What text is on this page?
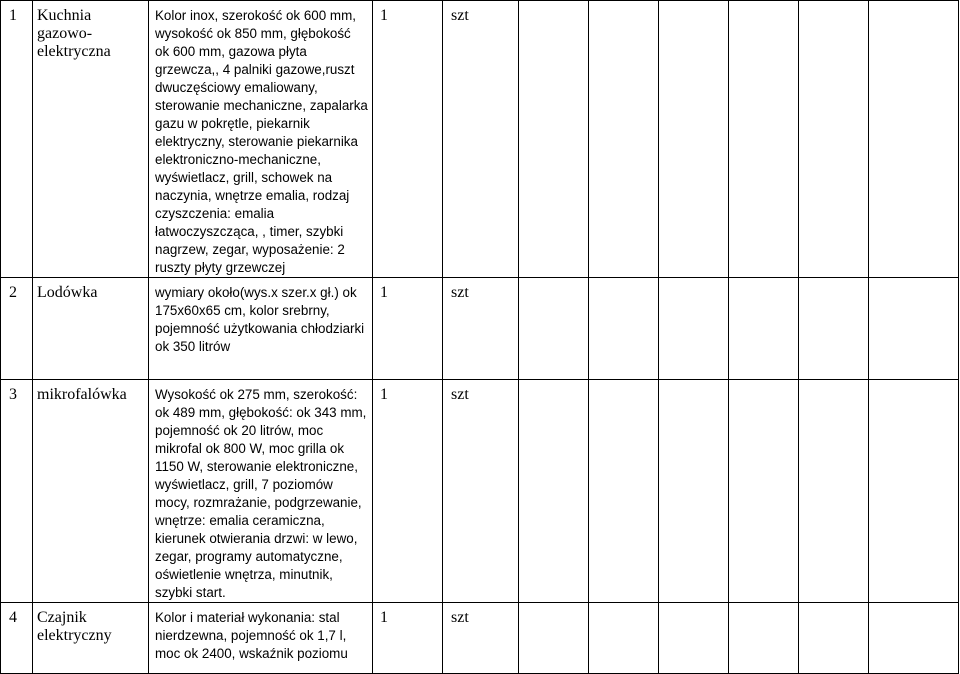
1	Kuchnia gazowo-elektryczna	Kolor inox, szerokość ok 600 mm, wysokość ok 850 mm, głębokość ok 600 mm, gazowa płyta grzewcza,, 4 palniki gazowe,ruszt dwuczęściowy emaliowany, sterowanie mechaniczne, zapalarka gazu w pokrętle, piekarnik elektryczny, sterowanie piekarnika elektroniczno-mechaniczne, wyświetlacz, grill, schowek na naczynia, wnętrze emalia, rodzaj czyszczenia: emalia łatwoczyszcząca, , timer, szybki nagrzew, zegar, wyposażenie: 2 ruszty płyty grzewczej	1	szt						
2	Lodówka	wymiary około(wys.x szer.x gł.) ok 175x60x65 cm, kolor srebrny, pojemność użytkowania chłodziarki ok 350 litrów	1	szt						
3	mikrofalówka	Wysokość ok 275 mm, szerokość: ok 489 mm, głębokość: ok 343 mm, pojemność ok 20 litrów, moc mikrofal ok 800 W, moc grilla ok 1150 W, sterowanie elektroniczne, wyświetlacz, grill, 7 poziomów mocy, rozmrażanie, podgrzewanie, wnętrze: emalia ceramiczna, kierunek otwierania drzwi: w lewo, zegar, programy automatyczne, oświetlenie wnętrza, minutnik, szybki start.	1	szt						
4	Czajnik elektryczny	Kolor i materiał wykonania: stal nierdzewna, pojemność ok 1,7 l, moc ok 2400, wskaźnik poziomu	1	szt						
